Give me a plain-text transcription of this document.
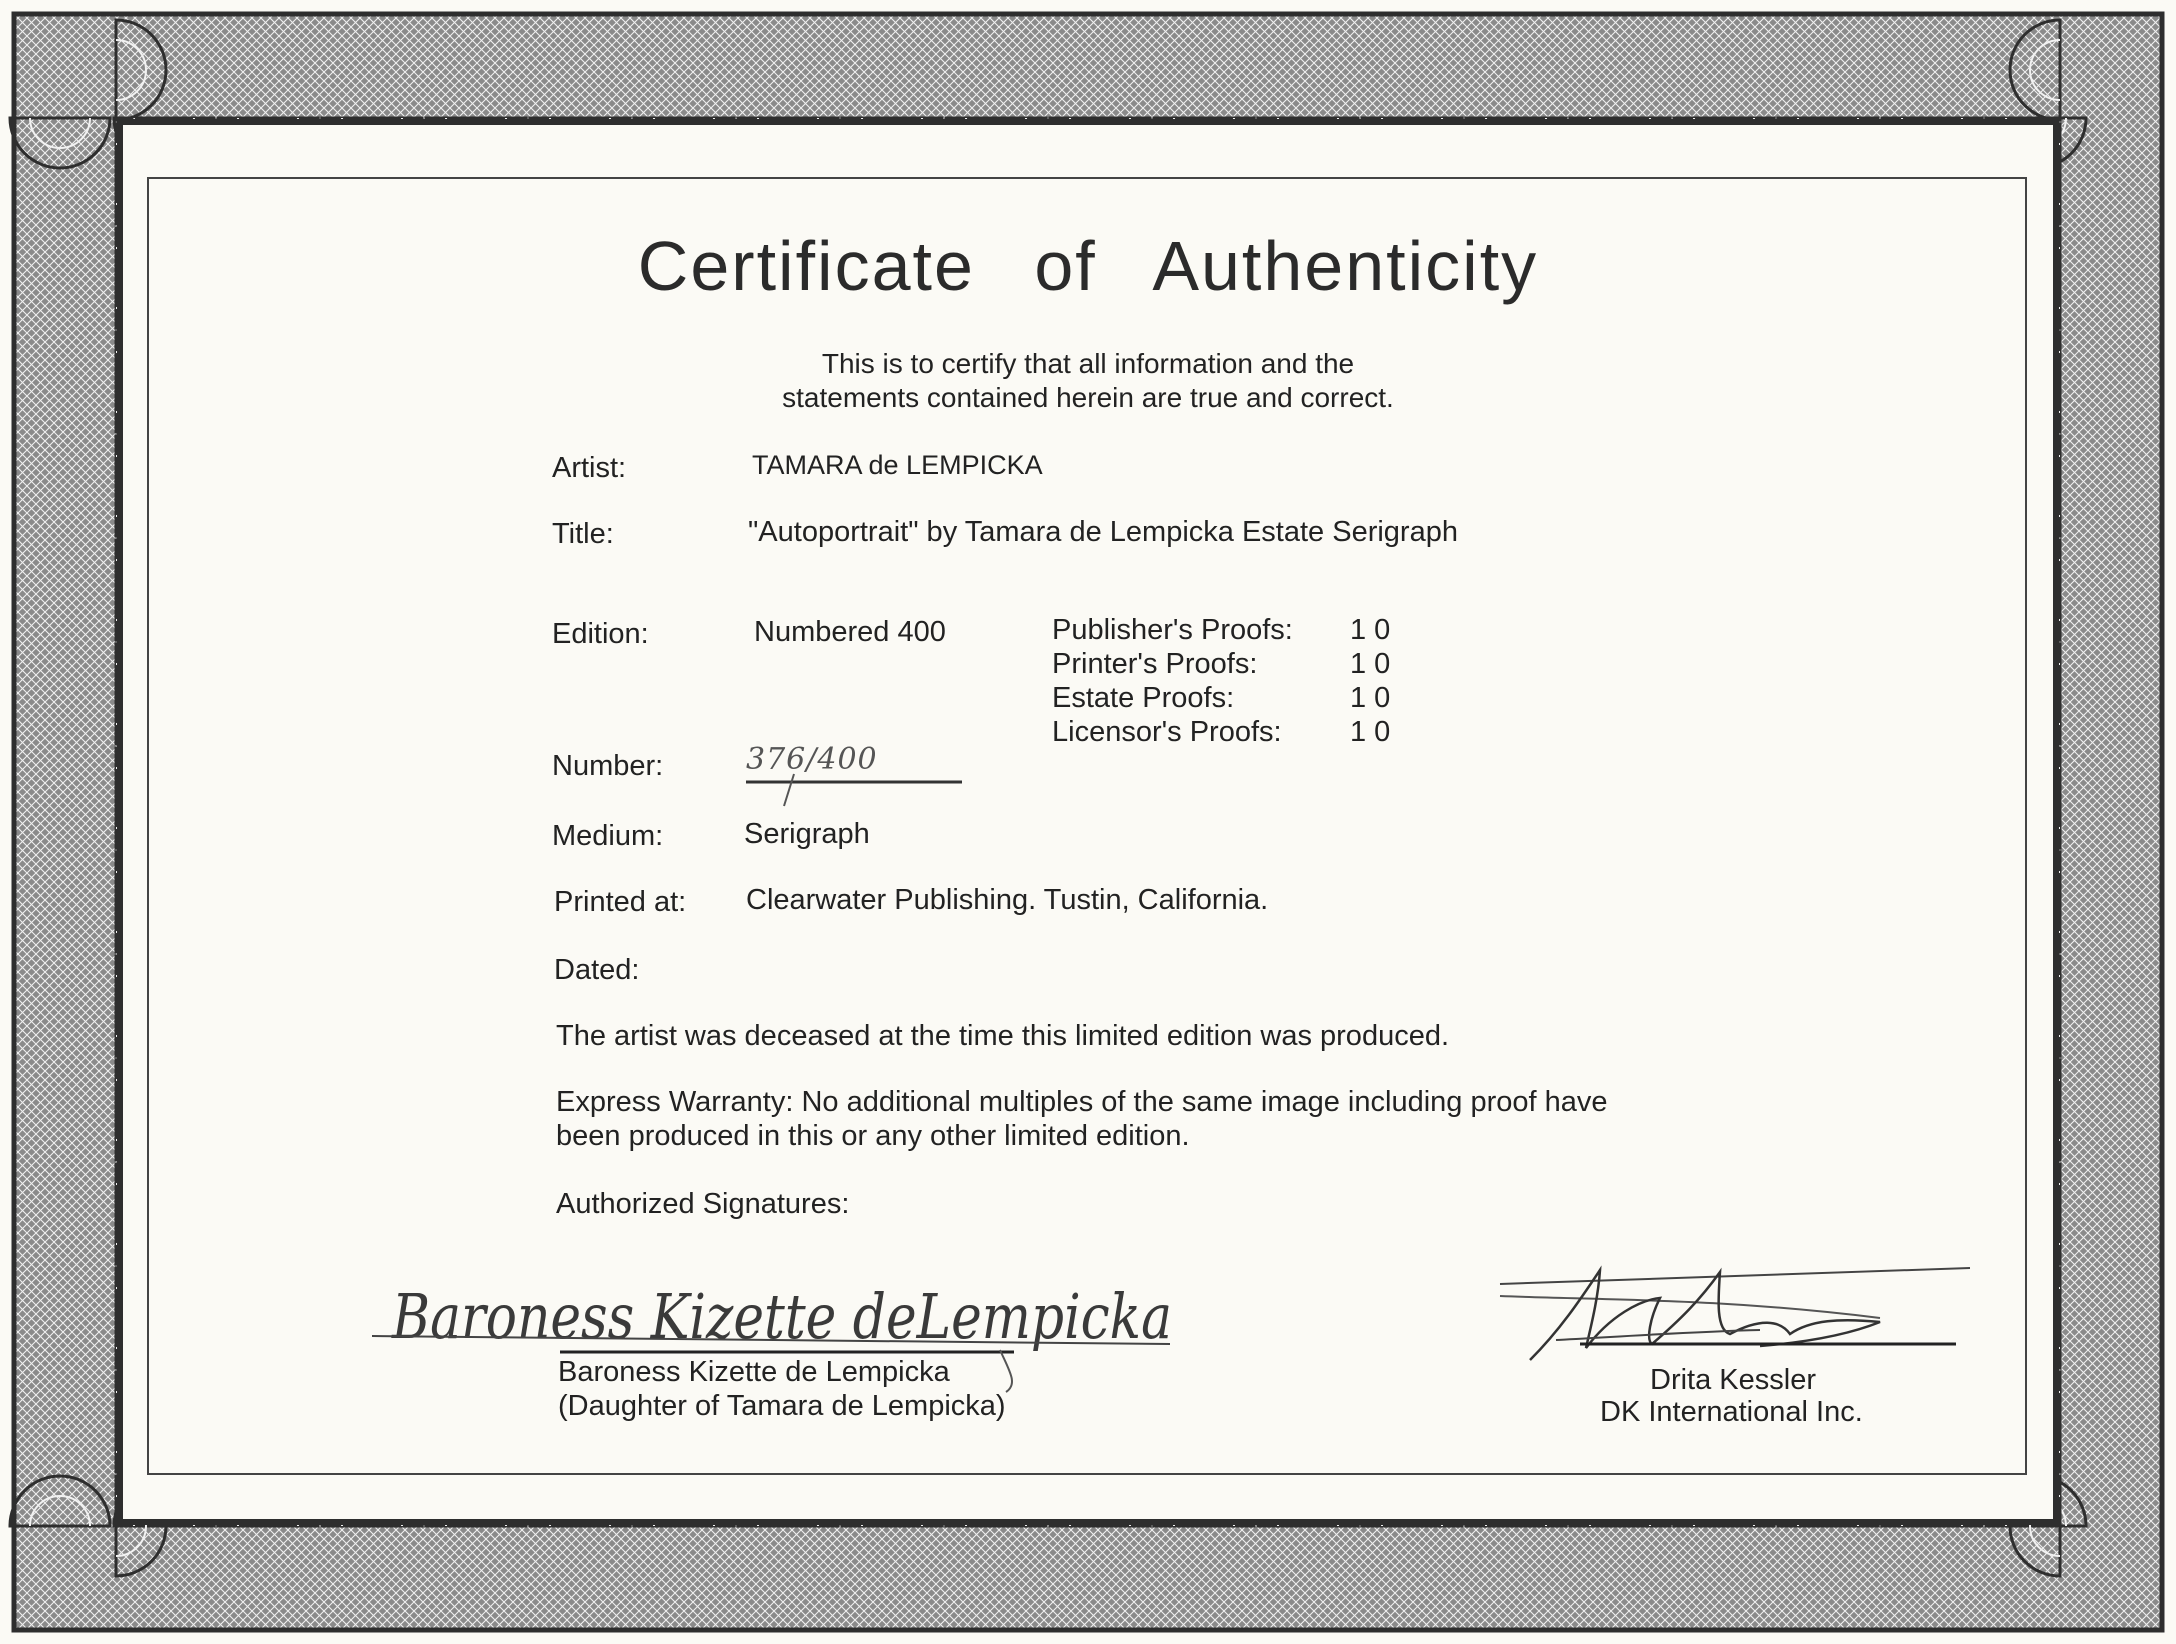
Certificate of Authenticity
This is to certify that all information and the
statements contained herein are true and correct.
Artist:	TAMARA de LEMPICKA
Title:	"Autoportrait" by Tamara de Lempicka Estate Serigraph
Edition:	Numbered 400	Publisher's Proofs: 1 0
Printer's Proofs:	1 0
Estate Proofs:	1 0
Licensor's Proofs: 1 0
Number:	376/400
Medium:	Serigraph
Printed at: Clearwater Publishing. Tustin, California.
Dated:
The artist was deceased at the time this limited edition was produced.
Express Warranty: No additional multiples of the same image including proof have
been produced in this or any other limited edition.
Authorized Signatures:
Baroness Kizette deLempicka
Baroness Kizette de Lempicka
(Daughter of Tamara de Lempicka)
Drita Kessler
DK International Inc.
